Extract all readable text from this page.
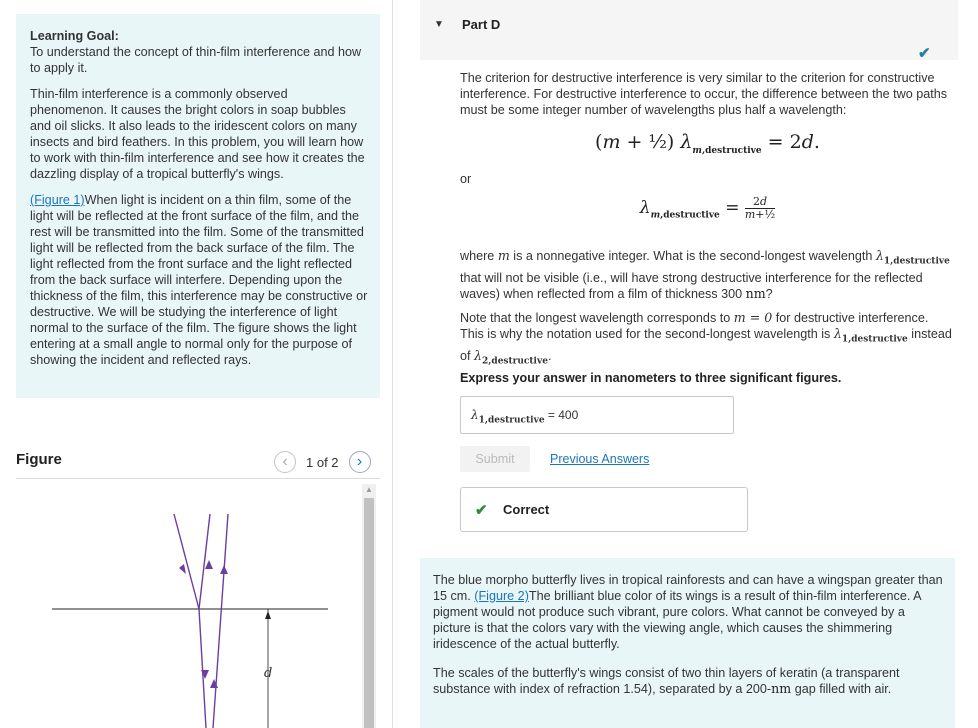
Learning Goal:

To understand the concept of thin-film interference and how to apply it.

Thin-film interference is a commonly observed phenomenon. It causes the bright colors in soap bubbles and oil slicks. It also leads to the iridescent colors on many insects and bird feathers. In this problem, you will learn how to work with thin-film interference and see how it creates the dazzling display of a tropical butterfly's wings.

(Figure 1)When light is incident on a thin film, some of the light will be reflected at the front surface of the film, and the rest will be transmitted into the film. Some of the transmitted light will be reflected from the back surface of the film. The light reflected from the front surface and the light reflected from the back surface will interfere. Depending upon the thickness of the film, this interference may be constructive or destructive. We will be studying the interference of light normal to the surface of the film. The figure shows the light entering at a small angle to normal only for the purpose of showing the incident and reflected rays.

Figure	‹	1 of 2	›
d
▲
▼ Part D
✔
The criterion for destructive interference is very similar to the criterion for constructive interference. For destructive interference to occur, the difference between the two paths must be some integer number of wavelengths plus half a wavelength:
(m + ½) $\lambda_{m,destructive} = 2d$.
or
$\lambda_{m,destructive} = \frac{2d}{\text{m+½}}$
where m is a nonnegative integer. What is the second-longest wavelength $\lambda_{1,destructive}$ that will not be visible (i.e., will have strong destructive interference for the reflected waves) when reflected from a film of thickness 300 nm?
Note that the longest wavelength corresponds to m = 0 for destructive interference. This is why the notation used for the second-longest wavelength is $\lambda_{1,destructive}$ instead of $\lambda_{2,destructive}$.
Express your answer in nanometers to three significant figures.
$\lambda_{1,destructive} = 400$
Submit	Previous Answers
✔ Correct

The blue morpho butterfly lives in tropical rainforests and can have a wingspan greater than 15 cm. (Figure 2)The brilliant blue color of its wings is a result of thin-film interference. A pigment would not produce such vibrant, pure colors. What cannot be conveyed by a picture is that the colors vary with the viewing angle, which causes the shimmering iridescence of the actual butterfly.

The scales of the butterfly's wings consist of two thin layers of keratin (a transparent substance with index of refraction 1.54), separated by a 200-nm gap filled with air.
